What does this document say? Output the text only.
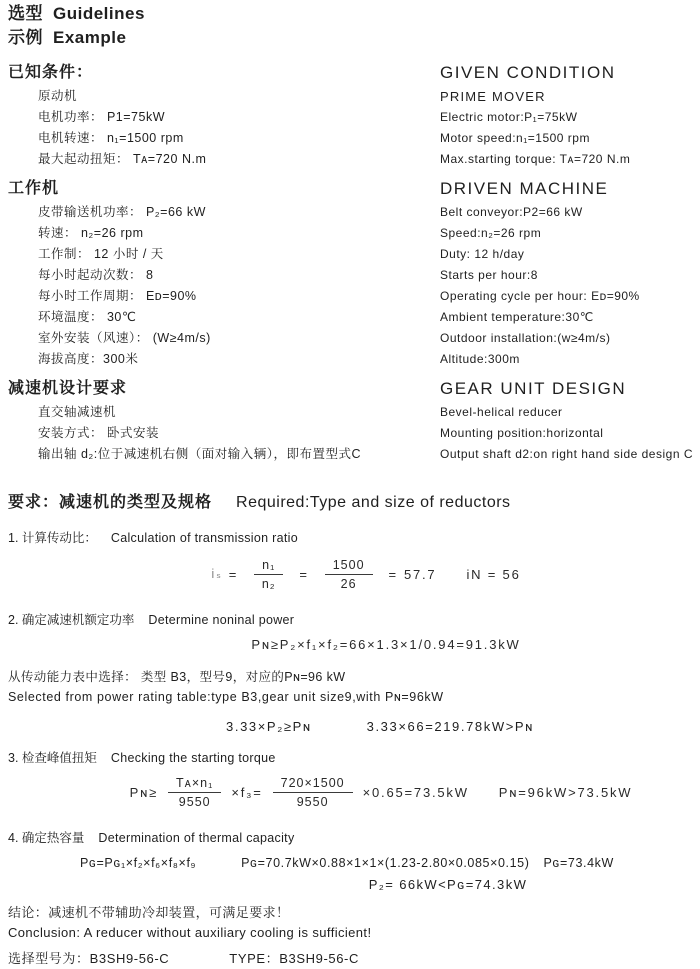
选型 Guidelines
示例 Example
已知条件：	GIVEN CONDITION
原动机	PRIME MOVER
电机功率： P1=75kW	Electric motor:P₁=75kW
电机转速： n₁=1500 rpm	Motor speed:n₁=1500 rpm
最大起动扭矩： Tᴀ=720 N.m	Max.starting torque: Tᴀ=720 N.m
工作机	DRIVEN MACHINE
皮带输送机功率： P₂=66 kW	Belt conveyor:P2=66 kW
转速： n₂=26 rpm	Speed:n₂=26 rpm
工作制： 12 小时 / 天	Duty: 12 h/day
每小时起动次数： 8	Starts per hour:8
每小时工作周期： Eᴅ=90%	Operating cycle per hour: Eᴅ=90%
环境温度： 30℃	Ambient temperature:30℃
室外安装（风速）： (W≥4m/s)	Outdoor installation:(w≥4m/s)
海拔高度：300米	Altitude:300m
减速机设计要求	GEAR UNIT DESIGN
直交轴减速机	Bevel-helical reducer
安装方式： 卧式安装	Mounting position:horizontal
输出轴 d₂:位于减速机右侧（面对输入辆），即布置型式C	Output shaft d2:on right hand side design C
要求：减速机的类型及规格 Required:Type and size of reductors
1. 计算传动比： Calculation of transmission ratio
$i_s = \frac{\text{n₁}}{\text{n₂}} = \frac{1500}{26} = 57.7$ iN = 56
2. 确定减速机额定功率 Determine noninal power
Pɴ≥P₂×f₁×f₂=66×1.3×1/0.94=91.3kW
从传动能力表中选择： 类型 B3，型号9，对应的Pɴ=96 kW
Selected from power rating table:type B3,gear unit size9,with Pɴ=96kW
3.33×P₂≥Pɴ	3.33×66=219.78kW>Pɴ
3. 检查峰值扭矩 Checking the starting torque
Pɴ≥ $\frac{\text{Tᴀ×n₁}}{9550} \times f_3= \frac{720\times 1500}{9550} \times 0.65=73.5kW$ Pɴ=96kW>73.5kW
4. 确定热容量 Determination of thermal capacity
Pɢ=Pɢ₁×f₂×f₆×f₈×f₉	Pɢ=70.7kW×0.88×1×1×(1.23-2.80×0.085×0.15) Pɢ=73.4kW
P₂= 66kW<Pɢ=74.3kW
结论：减速机不带辅助冷却装置，可满足要求！
Conclusion: A reducer without auxiliary cooling is sufficient!
选择型号为：B3SH9-56-C	TYPE：B3SH9-56-C
